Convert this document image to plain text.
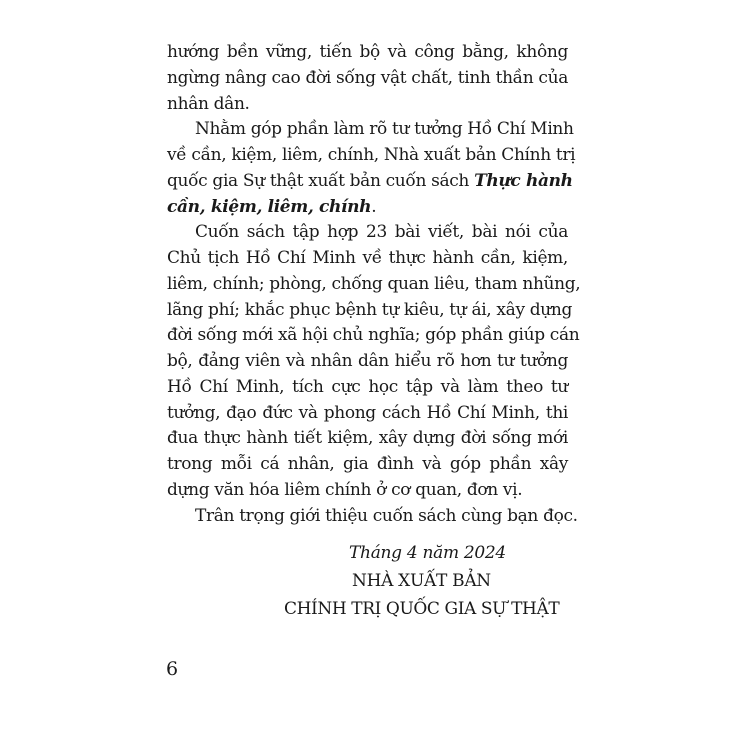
hướng bền vững, tiến bộ và công bằng, không
ngừng nâng cao đời sống vật chất, tinh thần của
nhân dân.
Nhằm góp phần làm rõ tư tưởng Hồ Chí Minh
về cần, kiệm, liêm, chính, Nhà xuất bản Chính trị
quốc gia Sự thật xuất bản cuốn sách Thực hành
cần, kiệm, liêm, chính.
Cuốn sách tập hợp 23 bài viết, bài nói của
Chủ tịch Hồ Chí Minh về thực hành cần, kiệm,
liêm, chính; phòng, chống quan liêu, tham nhũng,
lãng phí; khắc phục bệnh tự kiêu, tự ái, xây dựng
đời sống mới xã hội chủ nghĩa; góp phần giúp cán
bộ, đảng viên và nhân dân hiểu rõ hơn tư tưởng
Hồ Chí Minh, tích cực học tập và làm theo tư
tưởng, đạo đức và phong cách Hồ Chí Minh, thi
đua thực hành tiết kiệm, xây dựng đời sống mới
trong mỗi cá nhân, gia đình và góp phần xây
dựng văn hóa liêm chính ở cơ quan, đơn vị.
Trân trọng giới thiệu cuốn sách cùng bạn đọc.
Tháng 4 năm 2024
NHÀ XUẤT BẢN
CHÍNH TRỊ QUỐC GIA SỰ THẬT
6
